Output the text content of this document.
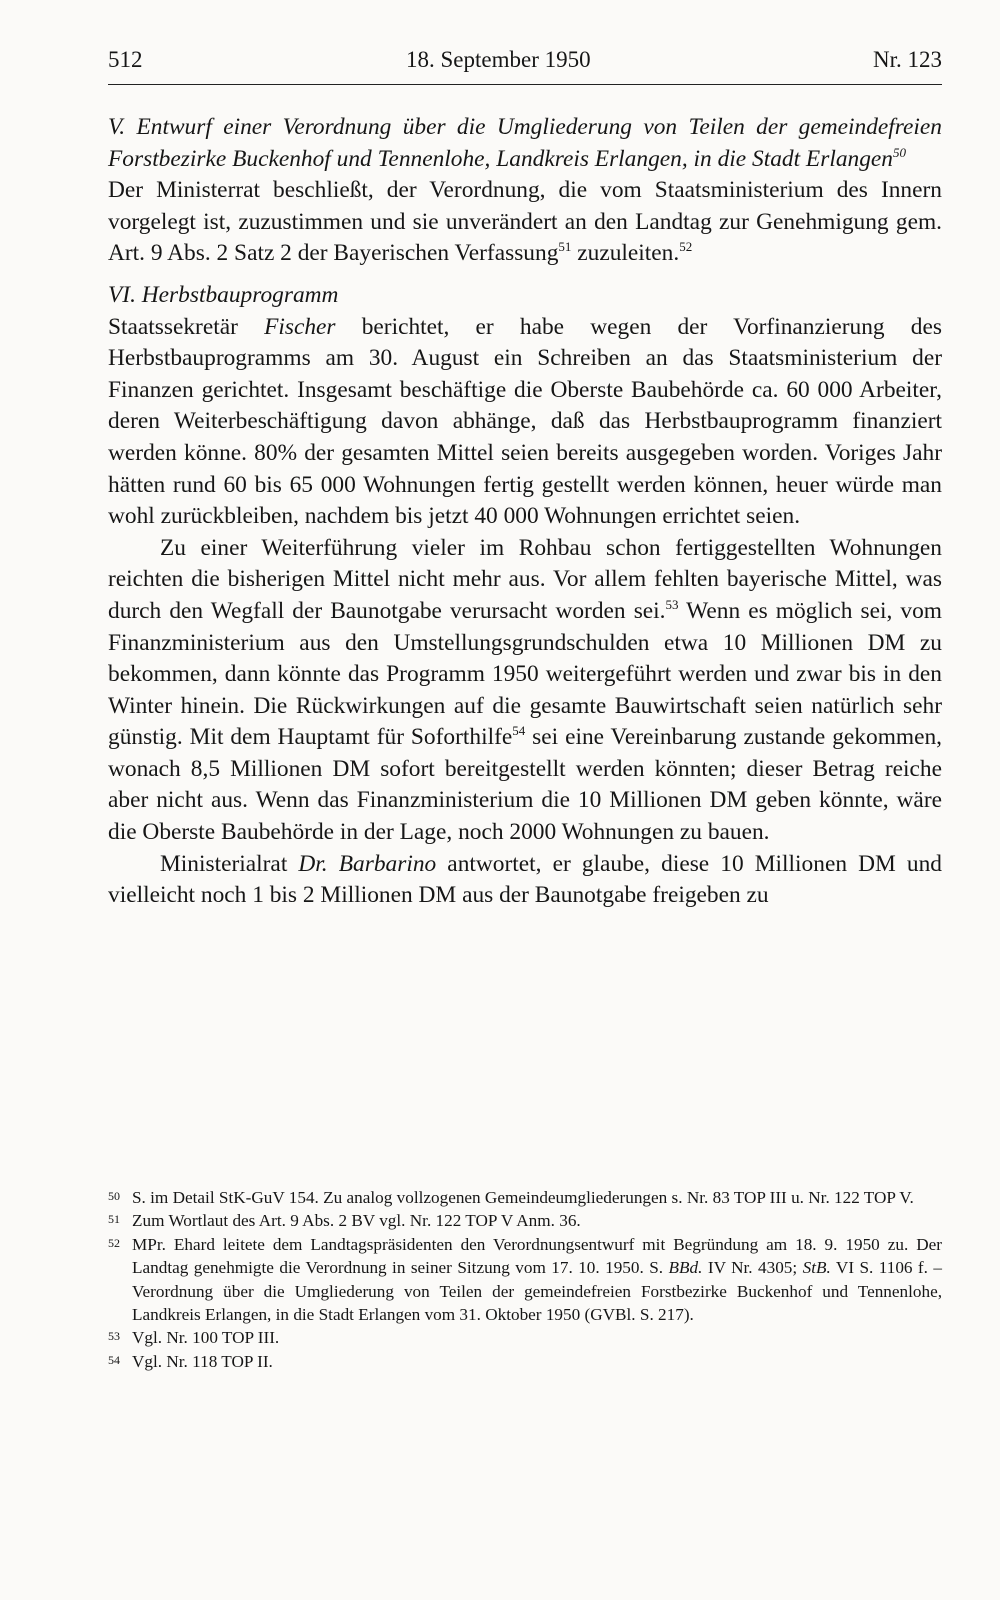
512	18. September 1950	Nr. 123

V. Entwurf einer Verordnung über die Umgliederung von Teilen der gemeindefreien Forstbezirke Buckenhof und Tennenlohe, Landkreis Erlangen, in die Stadt Erlangen$^{50}$

Der Ministerrat beschließt, der Verordnung, die vom Staatsministerium des Innern vorgelegt ist, zuzustimmen und sie unverändert an den Landtag zur Genehmigung gem. Art. 9 Abs. 2 Satz 2 der Bayerischen Verfassung$^{51}$ zuzuleiten.$^{52}$

VI. Herbstbauprogramm

Staatssekretär Fischer berichtet, er habe wegen der Vorfinanzierung des Herbstbauprogramms am 30. August ein Schreiben an das Staatsministerium der Finanzen gerichtet. Insgesamt beschäftige die Oberste Baubehörde ca. 60 000 Arbeiter, deren Weiterbeschäftigung davon abhänge, daß das Herbstbauprogramm finanziert werden könne. 80% der gesamten Mittel seien bereits ausgegeben worden. Voriges Jahr hätten rund 60 bis 65 000 Wohnungen fertig gestellt werden können, heuer würde man wohl zurückbleiben, nachdem bis jetzt 40 000 Wohnungen errichtet seien.

Zu einer Weiterführung vieler im Rohbau schon fertiggestellten Wohnungen reichten die bisherigen Mittel nicht mehr aus. Vor allem fehlten bayerische Mittel, was durch den Wegfall der Baunotgabe verursacht worden sei.$^{53}$ Wenn es möglich sei, vom Finanzministerium aus den Umstellungsgrundschulden etwa 10 Millionen DM zu bekommen, dann könnte das Programm 1950 weitergeführt werden und zwar bis in den Winter hinein. Die Rückwirkungen auf die gesamte Bauwirtschaft seien natürlich sehr günstig. Mit dem Hauptamt für Soforthilfe$^{54}$ sei eine Vereinbarung zustande gekommen, wonach 8,5 Millionen DM sofort bereitgestellt werden könnten; dieser Betrag reiche aber nicht aus. Wenn das Finanzministerium die 10 Millionen DM geben könnte, wäre die Oberste Baubehörde in der Lage, noch 2000 Wohnungen zu bauen.

Ministerialrat Dr. Barbarino antwortet, er glaube, diese 10 Millionen DM und vielleicht noch 1 bis 2 Millionen DM aus der Baunotgabe freigeben zu

50 S. im Detail StK-GuV 154. Zu analog vollzogenen Gemeindeumgliederungen s. Nr. 83 TOP III u. Nr. 122 TOP V.
51 Zum Wortlaut des Art. 9 Abs. 2 BV vgl. Nr. 122 TOP V Anm. 36.
52 MPr. Ehard leitete dem Landtagspräsidenten den Verordnungsentwurf mit Begründung am 18. 9. 1950 zu. Der Landtag genehmigte die Verordnung in seiner Sitzung vom 17. 10. 1950. S. BBd. IV Nr. 4305; StB. VI S. 1106 f. – Verordnung über die Umgliederung von Teilen der gemeindefreien Forstbezirke Buckenhof und Tennenlohe, Landkreis Erlangen, in die Stadt Erlangen vom 31. Oktober 1950 (GVBl. S. 217).
53 Vgl. Nr. 100 TOP III.
54 Vgl. Nr. 118 TOP II.
